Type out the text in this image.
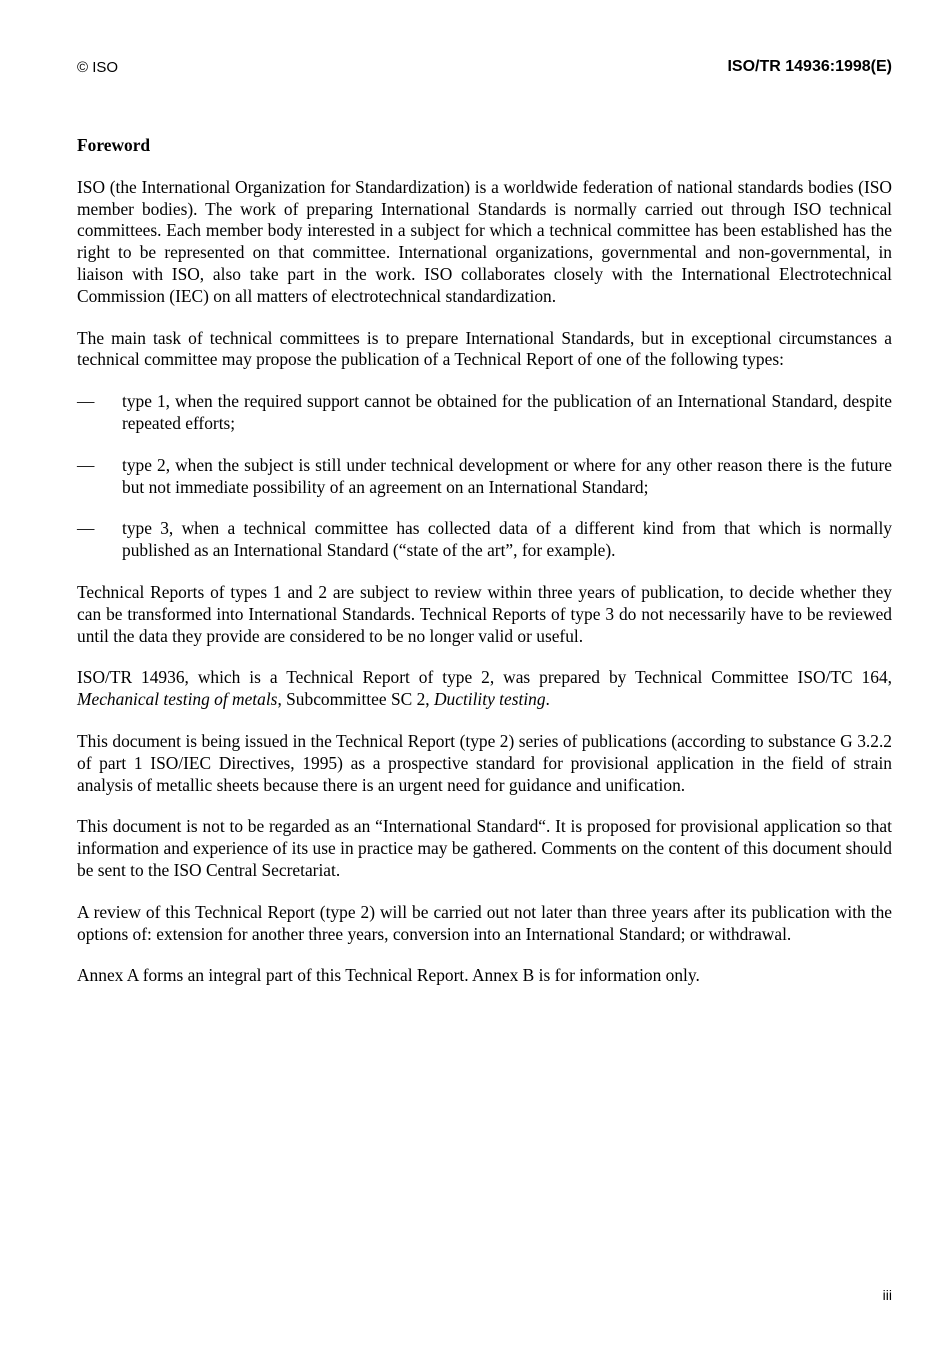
© ISO	ISO/TR 14936:1998(E)
Foreword

ISO (the International Organization for Standardization) is a worldwide federation of national standards bodies (ISO member bodies). The work of preparing International Standards is normally carried out through ISO technical committees. Each member body interested in a subject for which a technical committee has been established has the right to be represented on that committee. International organizations, governmental and non-governmental, in liaison with ISO, also take part in the work. ISO collaborates closely with the International Electrotechnical Commission (IEC) on all matters of electrotechnical standardization.

The main task of technical committees is to prepare International Standards, but in exceptional circumstances a technical committee may propose the publication of a Technical Report of one of the following types:

—	type 1, when the required support cannot be obtained for the publication of an International Standard, despite repeated efforts;
—	type 2, when the subject is still under technical development or where for any other reason there is the future but not immediate possibility of an agreement on an International Standard;
—	type 3, when a technical committee has collected data of a different kind from that which is normally published as an International Standard (“state of the art”, for example).

Technical Reports of types 1 and 2 are subject to review within three years of publication, to decide whether they can be transformed into International Standards. Technical Reports of type 3 do not necessarily have to be reviewed until the data they provide are considered to be no longer valid or useful.

ISO/TR 14936, which is a Technical Report of type 2, was prepared by Technical Committee ISO/TC 164, Mechanical testing of metals, Subcommittee SC 2, Ductility testing.

This document is being issued in the Technical Report (type 2) series of publications (according to substance G 3.2.2 of part 1 ISO/IEC Directives, 1995) as a prospective standard for provisional application in the field of strain analysis of metallic sheets because there is an urgent need for guidance and unification.

This document is not to be regarded as an “International Standard“. It is proposed for provisional application so that information and experience of its use in practice may be gathered. Comments on the content of this document should be sent to the ISO Central Secretariat.

A review of this Technical Report (type 2) will be carried out not later than three years after its publication with the options of: extension for another three years, conversion into an International Standard; or withdrawal.

Annex A forms an integral part of this Technical Report. Annex B is for information only.

iii
